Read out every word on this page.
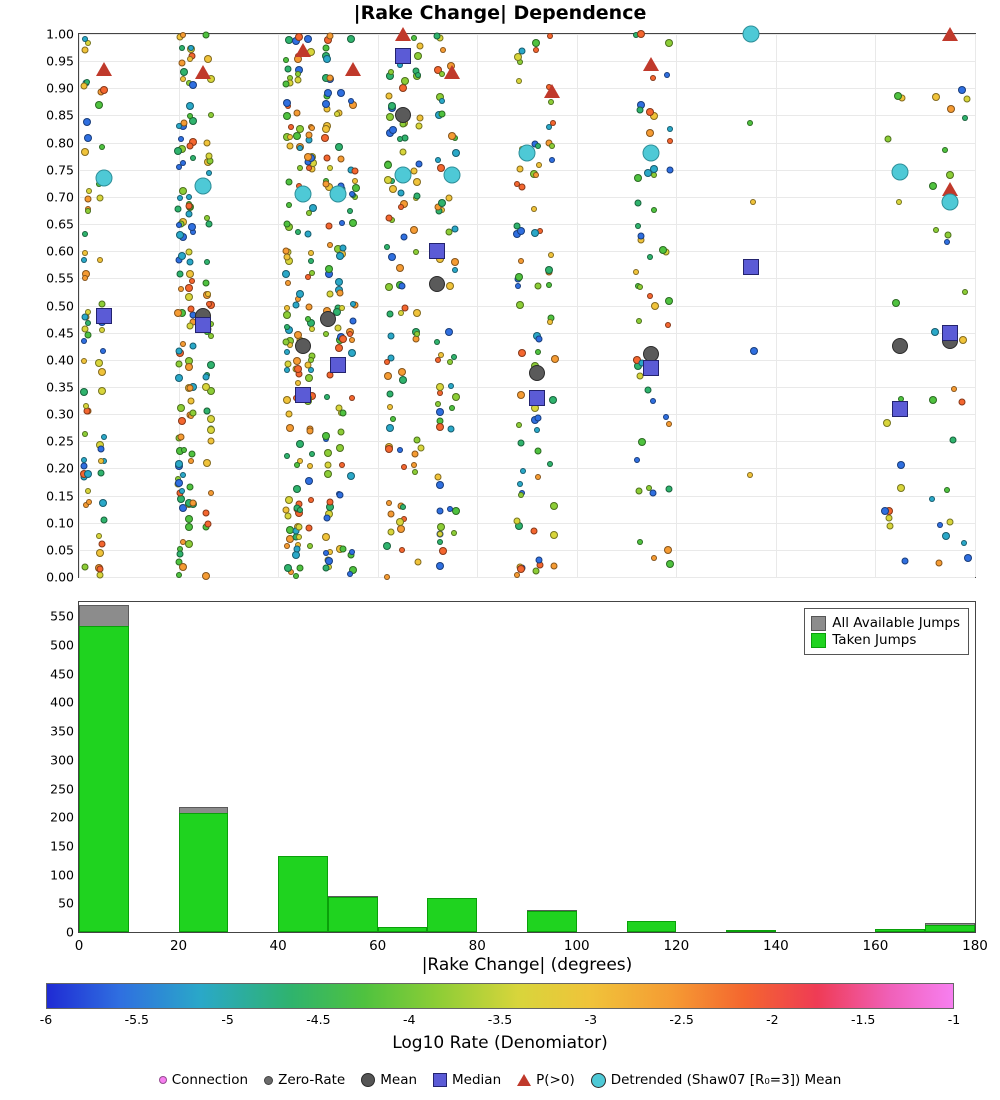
|Rake Change| Dependence
0.00
0.05
0.10
0.15
0.20
0.25
0.30
0.35
0.40
0.45
0.50
0.55
0.60
0.65
0.70
0.75
0.80
0.85
0.90
0.95
1.00
All Available Jumps
Taken Jumps
0
50
100
150
200
250
300
350
400
450
500
550
0	20	40	60	80	100	120	140	160	180
|Rake Change| (degrees)
-6	-5.5	-5	-4.5	-4	-3.5	-3	-2.5	-2	-1.5	-1
Log10 Rate (Denomiator)
Connection Zero-Rate	Mean	Median	P(>0)	Detrended (Shaw07 [R₀=3]) Mean
